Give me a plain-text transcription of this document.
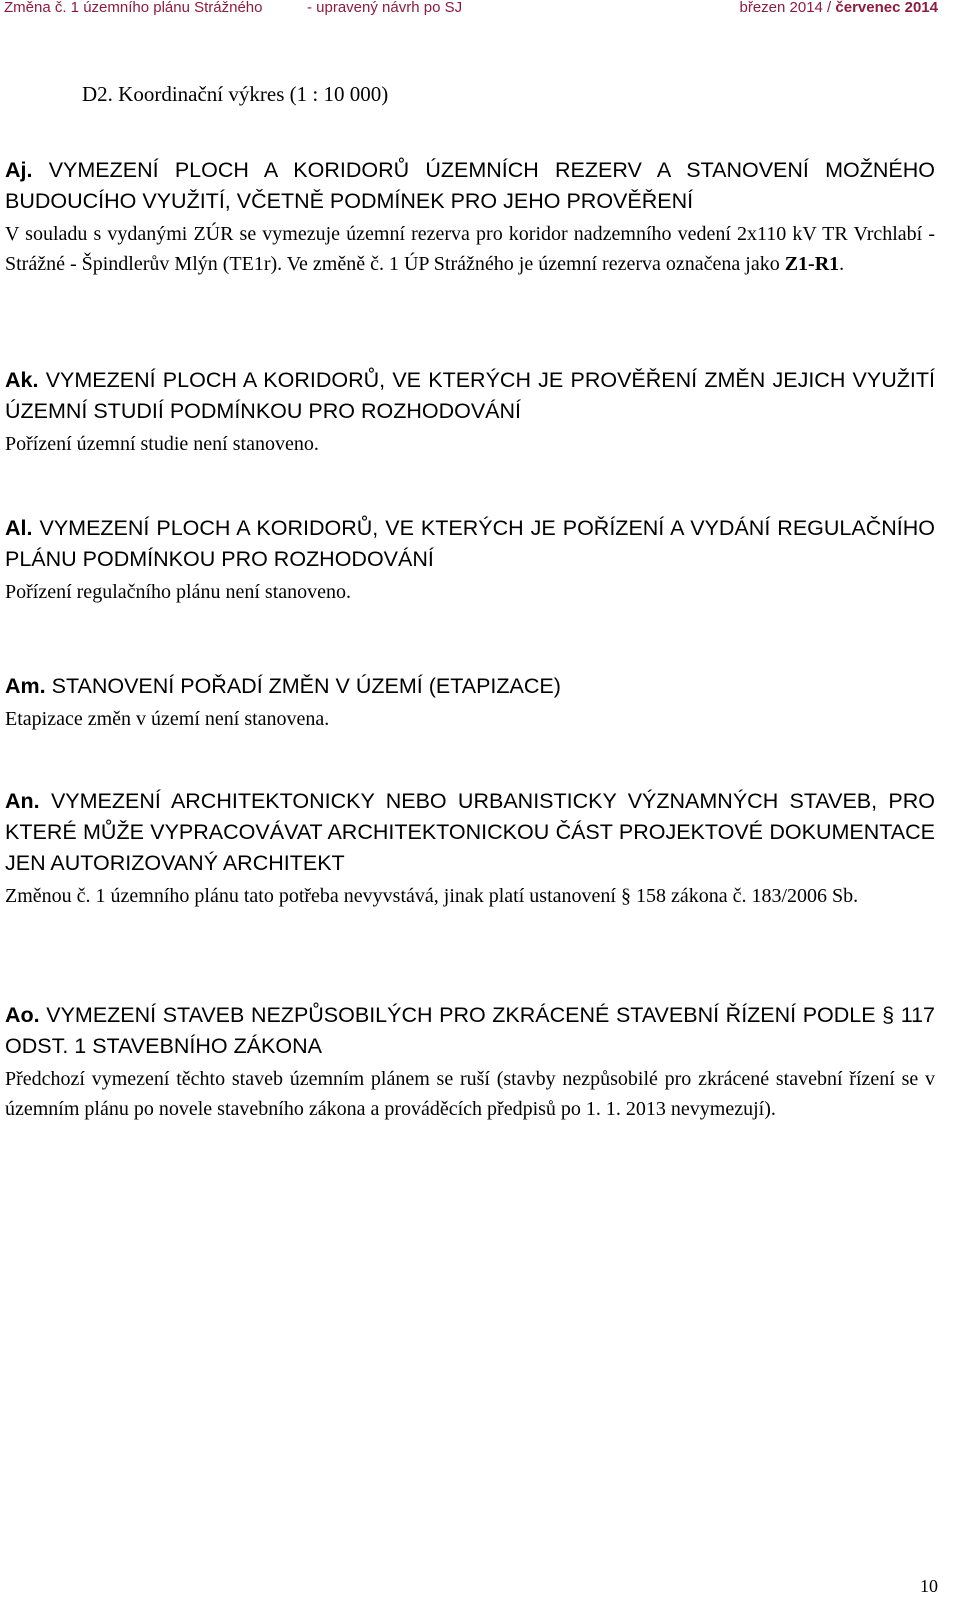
Změna č. 1 územního plánu Strážného	- upravený návrh po SJ	březen 2014 / červenec 2014
D2. Koordinační výkres (1 : 10 000)
Aj. VYMEZENÍ PLOCH A KORIDORŮ ÚZEMNÍCH REZERV A STANOVENÍ MOŽNÉHO BUDOUCÍHO VYUŽITÍ, VČETNĚ PODMÍNEK PRO JEHO PROVĚŘENÍ

V souladu s vydanými ZÚR se vymezuje územní rezerva pro koridor nadzemního vedení 2x110 kV TR Vrchlabí -Strážné - Špindlerův Mlýn (TE1r). Ve změně č. 1 ÚP Strážného je územní rezerva označena jako Z1-R1.

Ak. VYMEZENÍ PLOCH A KORIDORŮ, VE KTERÝCH JE PROVĚŘENÍ ZMĚN JEJICH VYUŽITÍ ÚZEMNÍ STUDIÍ PODMÍNKOU PRO ROZHODOVÁNÍ

Pořízení územní studie není stanoveno.

Al. VYMEZENÍ PLOCH A KORIDORŮ, VE KTERÝCH JE POŘÍZENÍ A VYDÁNÍ REGULAČNÍHO PLÁNU PODMÍNKOU PRO ROZHODOVÁNÍ

Pořízení regulačního plánu není stanoveno.

Am. STANOVENÍ POŘADÍ ZMĚN V ÚZEMÍ (ETAPIZACE)

Etapizace změn v území není stanovena.

An. VYMEZENÍ ARCHITEKTONICKY NEBO URBANISTICKY VÝZNAMNÝCH STAVEB, PRO KTERÉ MŮŽE VYPRACOVÁVAT ARCHITEKTONICKOU ČÁST PROJEKTOVÉ DOKUMENTACE JEN AUTORIZOVANÝ ARCHITEKT

Změnou č. 1 územního plánu tato potřeba nevyvstává, jinak platí ustanovení § 158 zákona č. 183/2006 Sb.

Ao. VYMEZENÍ STAVEB NEZPŮSOBILÝCH PRO ZKRÁCENÉ STAVEBNÍ ŘÍZENÍ PODLE § 117 ODST. 1 STAVEBNÍHO ZÁKONA

Předchozí vymezení těchto staveb územním plánem se ruší (stavby nezpůsobilé pro zkrácené stavební řízení se v územním plánu po novele stavebního zákona a prováděcích předpisů po 1. 1. 2013 nevymezují).

10
